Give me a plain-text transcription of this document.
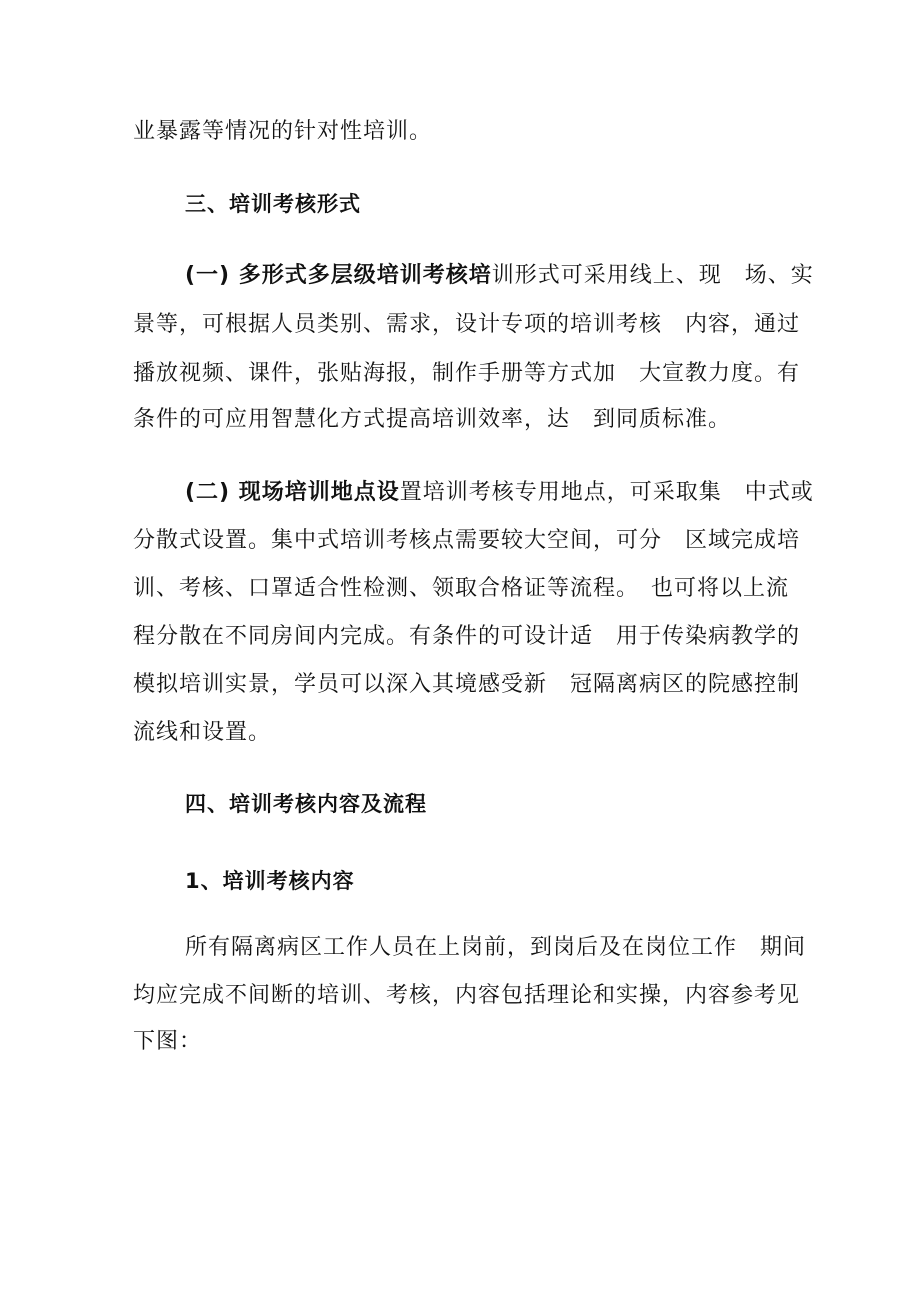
业暴露等情况的针对性培训。
三、培训考核形式
(一) 多形式多层级培训考核培训形式可采用线上、现　场、实
景等，可根据人员类别、需求，设计专项的培训考核　内容，通过
播放视频、课件，张贴海报，制作手册等方式加　大宣教力度。有
条件的可应用智慧化方式提高培训效率，达　到同质标准。
(二) 现场培训地点设置培训考核专用地点，可采取集　中式或
分散式设置。集中式培训考核点需要较大空间，可分　区域完成培
训、考核、口罩适合性检测、领取合格证等流程。　也可将以上流
程分散在不同房间内完成。有条件的可设计适　用于传染病教学的
模拟培训实景，学员可以深入其境感受新　冠隔离病区的院感控制
流线和设置。
四、培训考核内容及流程
1、培训考核内容
所有隔离病区工作人员在上岗前，到岗后及在岗位工作　期间
均应完成不间断的培训、考核，内容包括理论和实操，内容参考见
下图：
